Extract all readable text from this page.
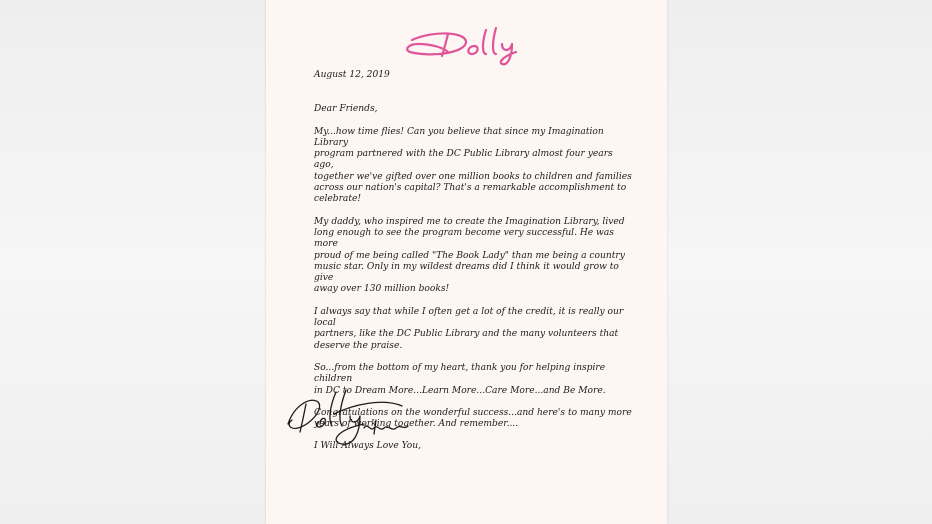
August 12, 2019
Dear Friends,
My...how time flies! Can you believe that since my Imagination Library
program partnered with the DC Public Library almost four years ago,
together we've gifted over one million books to children and families
across our nation's capital? That's a remarkable accomplishment to
celebrate!
My daddy, who inspired me to create the Imagination Library, lived
long enough to see the program become very successful. He was more
proud of me being called "The Book Lady" than me being a country
music star. Only in my wildest dreams did I think it would grow to give
away over 130 million books!
I always say that while I often get a lot of the credit, it is really our local
partners, like the DC Public Library and the many volunteers that
deserve the praise.
So...from the bottom of my heart, thank you for helping inspire children
in DC to Dream More...Learn More...Care More...and Be More.
Congratulations on the wonderful success...and here's to many more
years of working together. And remember....
I Will Always Love You,
